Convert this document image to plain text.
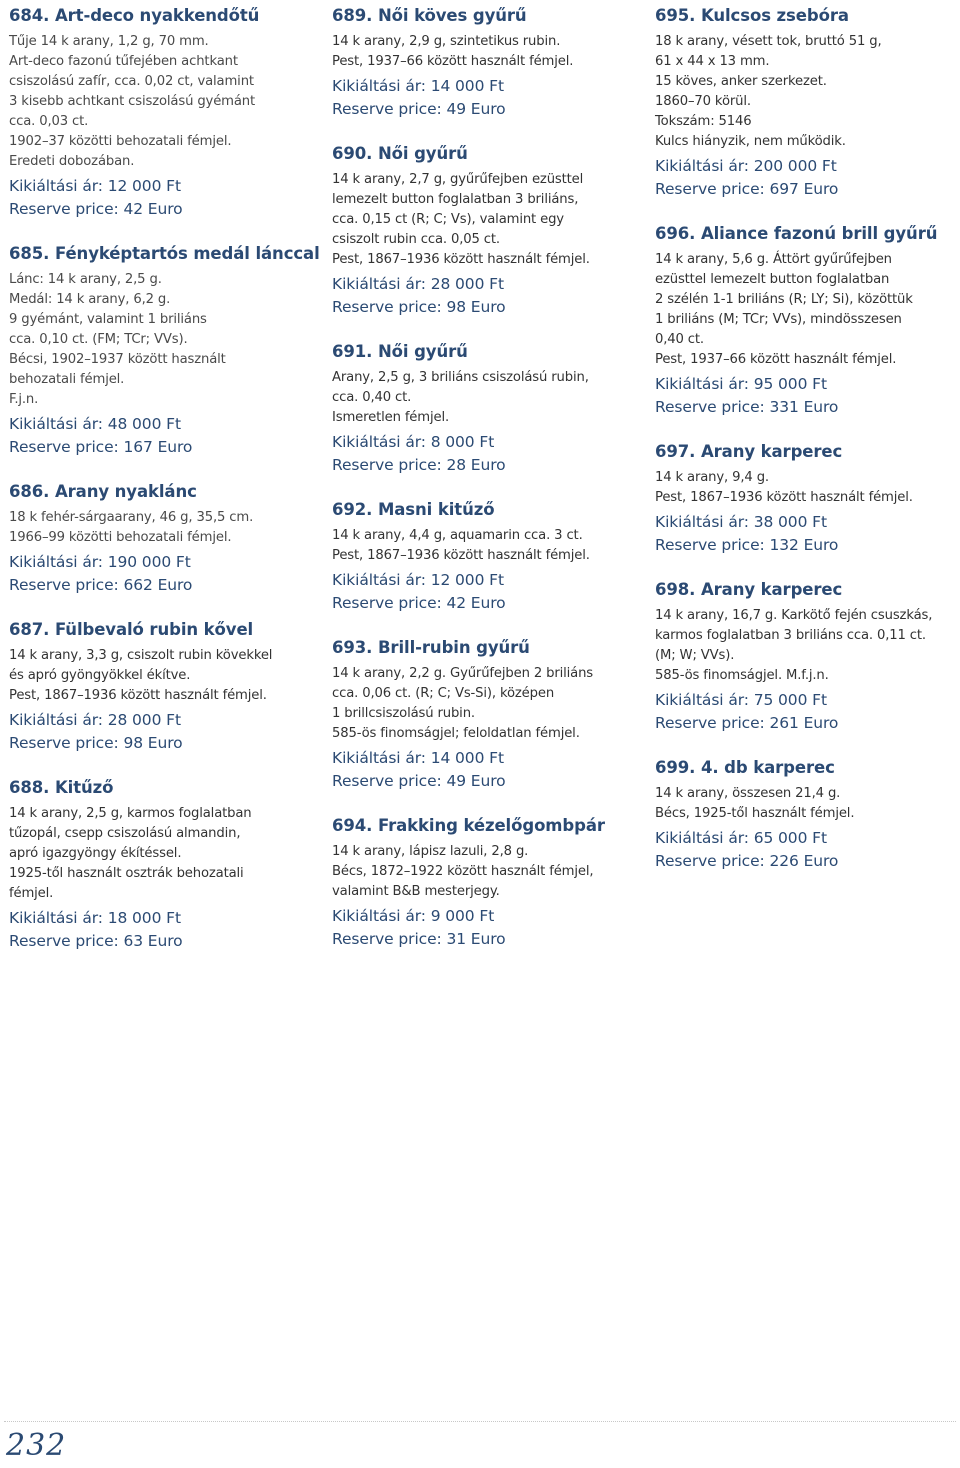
684. Art-deco nyakkendőtű
Tűje 14 k arany, 1,2 g, 70 mm.
Art-deco fazonú tűfejében achtkant
csiszolású zafír, cca. 0,02 ct, valamint
3 kisebb achtkant csiszolású gyémánt
cca. 0,03 ct.
1902–37 közötti behozatali fémjel.
Eredeti dobozában.
Kikiáltási ár: 12 000 Ft
Reserve price: 42 Euro
685. Fényképtartós medál lánccal
Lánc: 14 k arany, 2,5 g.
Medál: 14 k arany, 6,2 g.
9 gyémánt, valamint 1 briliáns
cca. 0,10 ct. (FM; TCr; VVs).
Bécsi, 1902–1937 között használt
behozatali fémjel.
F.j.n.
Kikiáltási ár: 48 000 Ft
Reserve price: 167 Euro
686. Arany nyaklánc
18 k fehér-sárgaarany, 46 g, 35,5 cm.
1966–99 közötti behozatali fémjel.
Kikiáltási ár: 190 000 Ft
Reserve price: 662 Euro
687. Fülbevaló rubin kővel
14 k arany, 3,3 g, csiszolt rubin kövekkel
és apró gyöngyökkel ékítve.
Pest, 1867–1936 között használt fémjel.
Kikiáltási ár: 28 000 Ft
Reserve price: 98 Euro
688. Kitűző
14 k arany, 2,5 g, karmos foglalatban
tűzopál, csepp csiszolású almandin,
apró igazgyöngy ékítéssel.
1925-től használt osztrák behozatali
fémjel.
Kikiáltási ár: 18 000 Ft
Reserve price: 63 Euro
689. Női köves gyűrű
14 k arany, 2,9 g, szintetikus rubin.
Pest, 1937–66 között használt fémjel.
Kikiáltási ár: 14 000 Ft
Reserve price: 49 Euro
690. Női gyűrű
14 k arany, 2,7 g, gyűrűfejben ezüsttel
lemezelt button foglalatban 3 briliáns,
cca. 0,15 ct (R; C; Vs), valamint egy
csiszolt rubin cca. 0,05 ct.
Pest, 1867–1936 között használt fémjel.
Kikiáltási ár: 28 000 Ft
Reserve price: 98 Euro
691. Női gyűrű
Arany, 2,5 g, 3 briliáns csiszolású rubin,
cca. 0,40 ct.
Ismeretlen fémjel.
Kikiáltási ár: 8 000 Ft
Reserve price: 28 Euro
692. Masni kitűző
14 k arany, 4,4 g, aquamarin cca. 3 ct.
Pest, 1867–1936 között használt fémjel.
Kikiáltási ár: 12 000 Ft
Reserve price: 42 Euro
693. Brill-rubin gyűrű
14 k arany, 2,2 g. Gyűrűfejben 2 briliáns
cca. 0,06 ct. (R; C; Vs-Si), középen
1 brillcsiszolású rubin.
585-ös finomságjel; feloldatlan fémjel.
Kikiáltási ár: 14 000 Ft
Reserve price: 49 Euro
694. Frakking kézelőgombpár
14 k arany, lápisz lazuli, 2,8 g.
Bécs, 1872–1922 között használt fémjel,
valamint B&B mesterjegy.
Kikiáltási ár: 9 000 Ft
Reserve price: 31 Euro
695. Kulcsos zsebóra
18 k arany, vésett tok, bruttó 51 g,
61 x 44 x 13 mm.
15 köves, anker szerkezet.
1860–70 körül.
Tokszám: 5146
Kulcs hiányzik, nem működik.
Kikiáltási ár: 200 000 Ft
Reserve price: 697 Euro
696. Aliance fazonú brill gyűrű
14 k arany, 5,6 g. Áttört gyűrűfejben
ezüsttel lemezelt button foglalatban
2 szélén 1-1 briliáns (R; LY; Si), közöttük
1 briliáns (M; TCr; VVs), mindösszesen
0,40 ct.
Pest, 1937–66 között használt fémjel.
Kikiáltási ár: 95 000 Ft
Reserve price: 331 Euro
697. Arany karperec
14 k arany, 9,4 g.
Pest, 1867–1936 között használt fémjel.
Kikiáltási ár: 38 000 Ft
Reserve price: 132 Euro
698. Arany karperec
14 k arany, 16,7 g. Karkötő fején csuszkás,
karmos foglalatban 3 briliáns cca. 0,11 ct.
(M; W; VVs).
585-ös finomságjel. M.f.j.n.
Kikiáltási ár: 75 000 Ft
Reserve price: 261 Euro
699. 4. db karperec
14 k arany, összesen 21,4 g.
Bécs, 1925-től használt fémjel.
Kikiáltási ár: 65 000 Ft
Reserve price: 226 Euro
232
